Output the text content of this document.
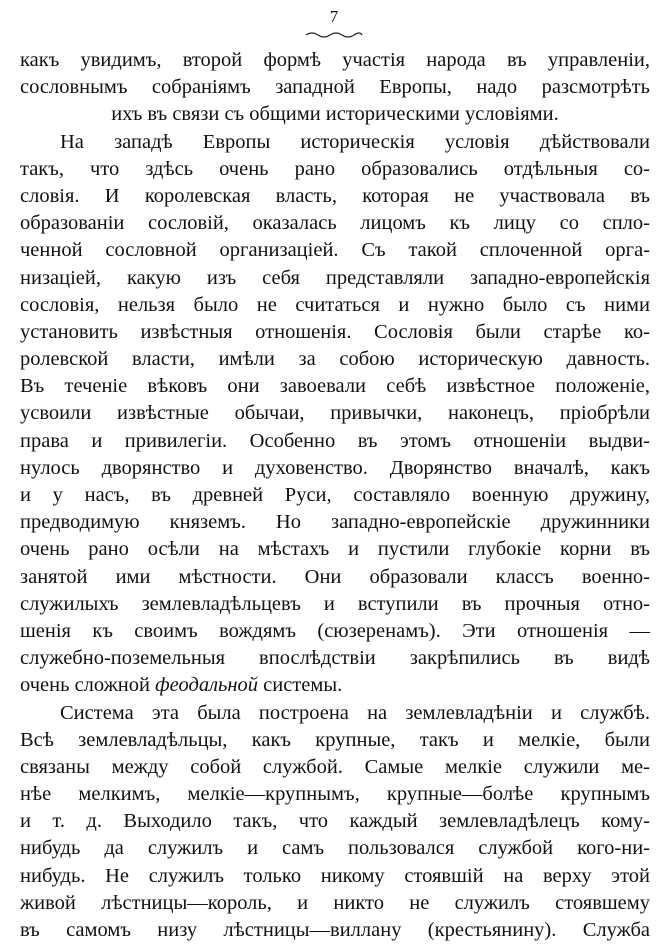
7
какъ увидимъ, второй формѣ участія народа въ управленіи,
сословнымъ собраніямъ западной Европы, надо разсмотрѣть
ихъ въ связи съ общими историческими условіями.
На западѣ Европы историческія условія дѣйствовали
такъ, что здѣсь очень рано образовались отдѣльныя со-
словія. И королевская власть, которая не участвовала въ
образованіи сословій, оказалась лицомъ къ лицу со спло-
ченной сословной организаціей. Съ такой сплоченной орга-
низаціей, какую изъ себя представляли западно-европейскія
сословія, нельзя было не считаться и нужно было съ ними
установить извѣстныя отношенія. Сословія были старѣе ко-
ролевской власти, имѣли за собою историческую давность.
Въ теченіе вѣковъ они завоевали себѣ извѣстное положеніе,
усвоили извѣстные обычаи, привычки, наконецъ, пріобрѣли
права и привилегіи. Особенно въ этомъ отношеніи выдви-
нулось дворянство и духовенство. Дворянство вначалѣ, какъ
и у насъ, въ древней Руси, составляло военную дружину,
предводимую княземъ. Но западно-европейскіе дружинники
очень рано осѣли на мѣстахъ и пустили глубокіе корни въ
занятой ими мѣстности. Они образовали классъ военно-
служилыхъ землевладѣльцевъ и вступили въ прочныя отно-
шенія къ своимъ вождямъ (сюзеренамъ). Эти отношенія —
служебно-поземельныя впослѣдствіи закрѣпились въ видѣ
очень сложной феодальной системы.
Система эта была построена на землевладѣніи и службѣ.
Всѣ землевладѣльцы, какъ крупные, такъ и мелкіе, были
связаны между собой службой. Самые мелкіе служили ме-
нѣе мелкимъ, мелкіе—крупнымъ, крупные—болѣе крупнымъ
и т. д. Выходило такъ, что каждый землевладѣлецъ кому-
нибудь да служилъ и самъ пользовался службой кого-ни-
нибудь. Не служилъ только никому стоявшій на верху этой
живой лѣстницы—король, и никто не служилъ стоявшему
въ самомъ низу лѣстницы—виллану (крестьянину). Служба
